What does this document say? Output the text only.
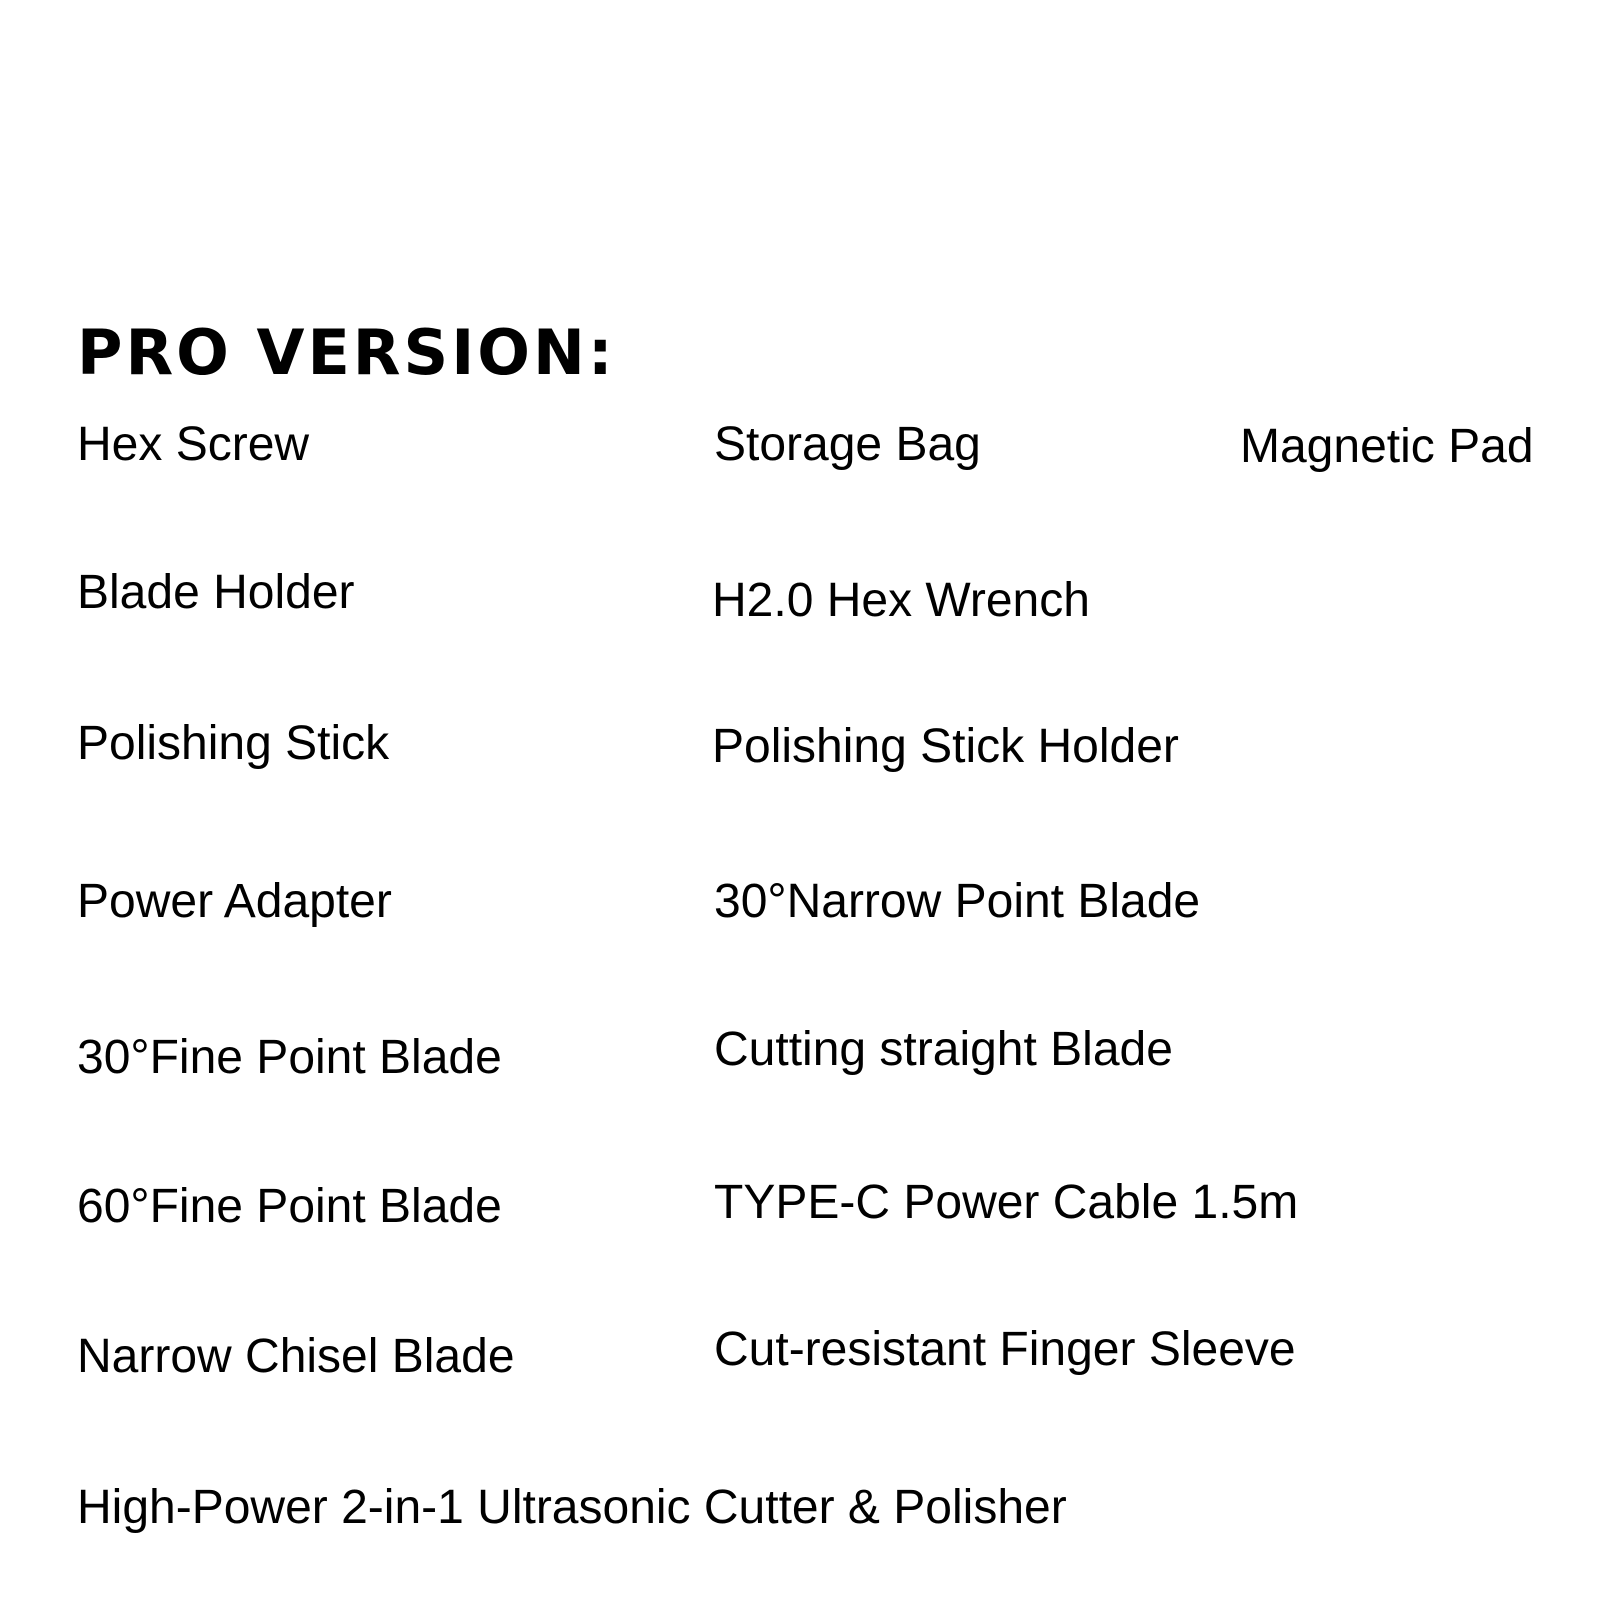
PRO VERSION:
Hex Screw	Storage Bag	Magnetic Pad
Blade Holder	H2.0 Hex Wrench
Polishing Stick	Polishing Stick Holder
Power Adapter	30°Narrow Point Blade
30°Fine Point Blade	Cutting straight Blade
60°Fine Point Blade	TYPE-C Power Cable 1.5m
Narrow Chisel Blade	Cut-resistant Finger Sleeve
High-Power 2-in-1 Ultrasonic Cutter & Polisher
